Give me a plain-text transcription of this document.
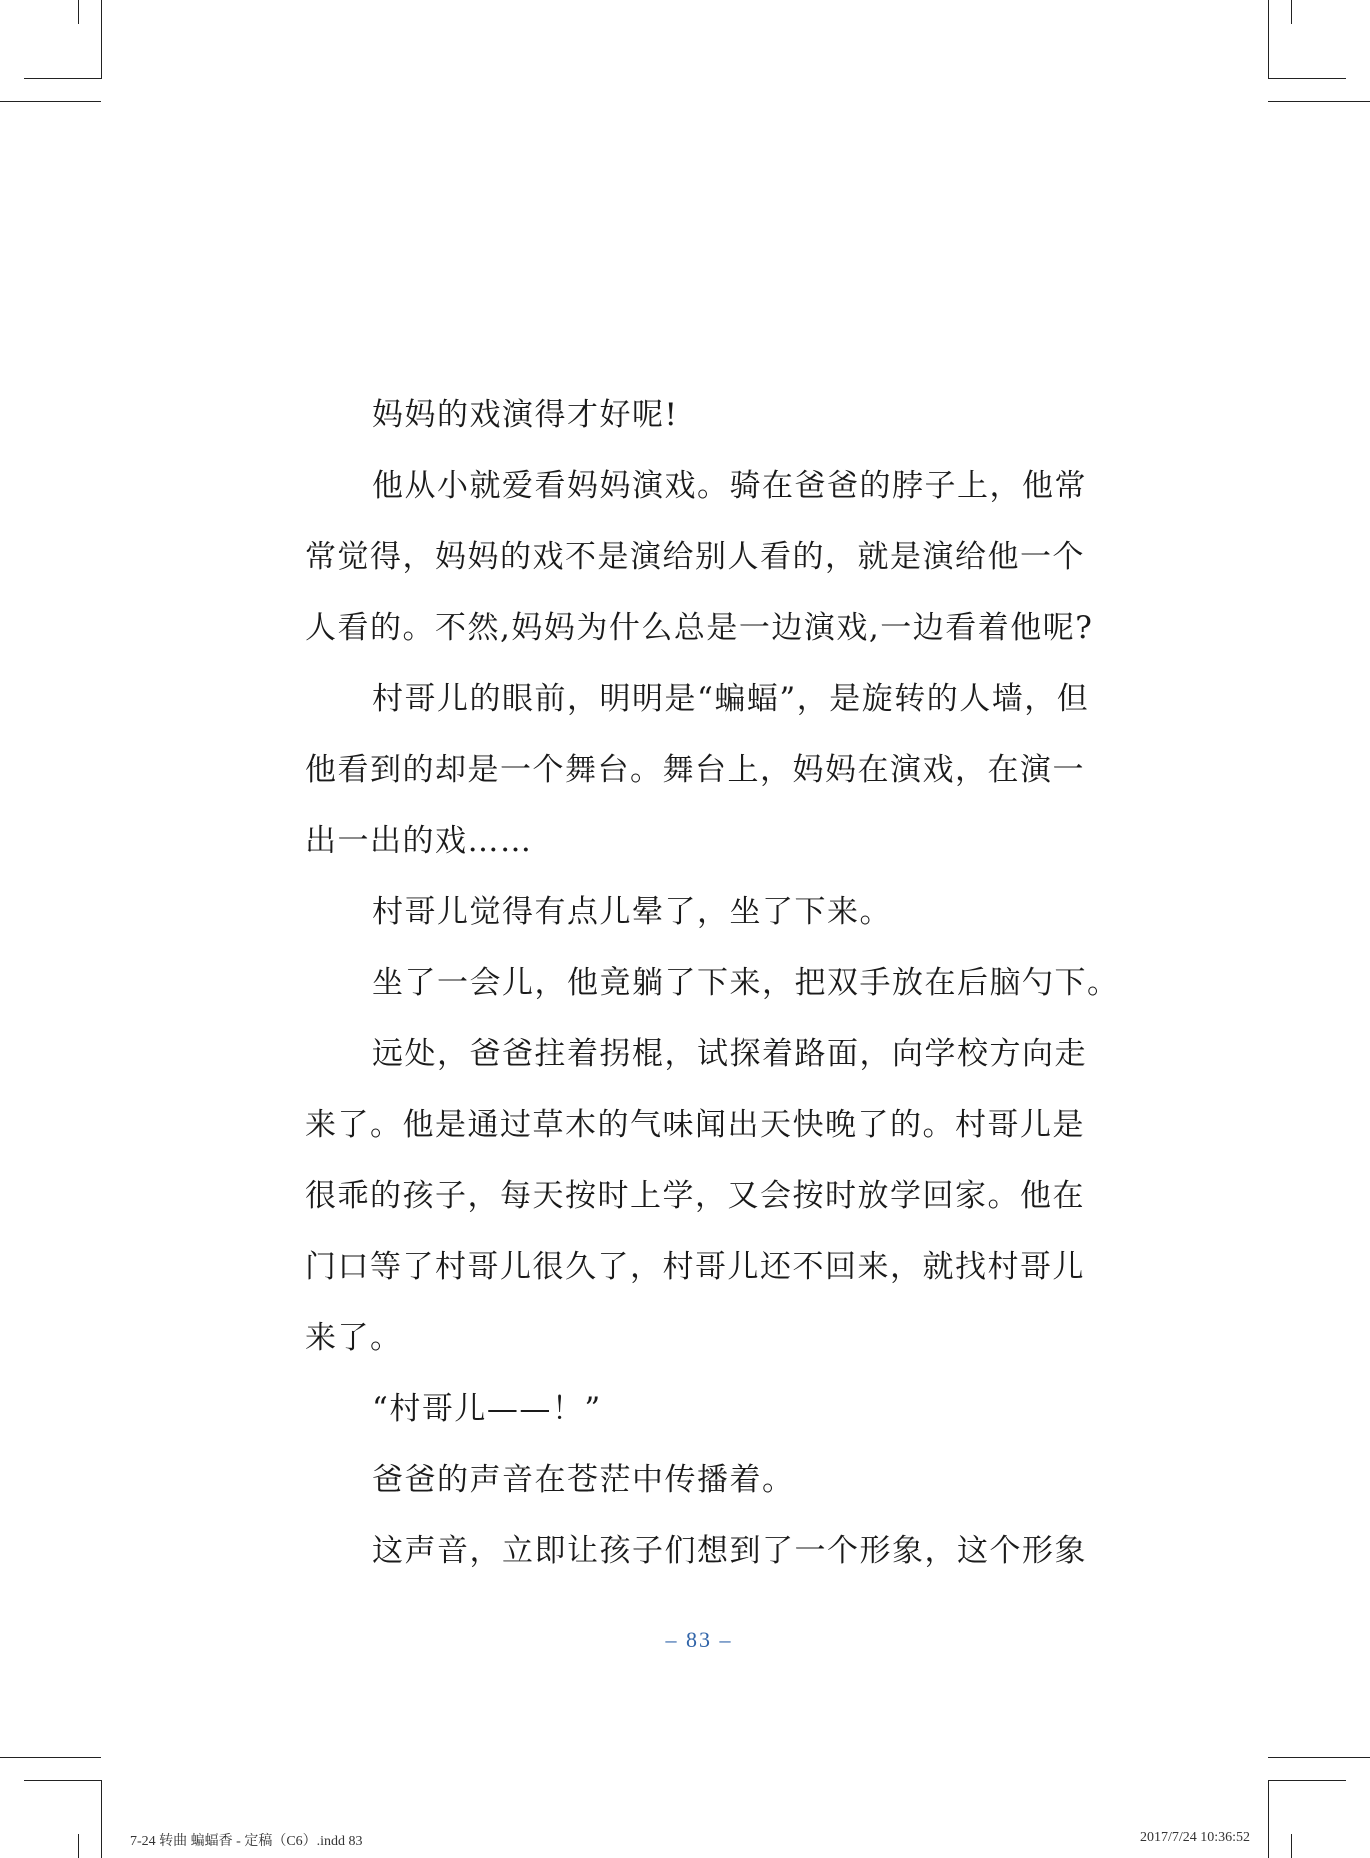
妈妈的戏演得才好呢!
他从小就爱看妈妈演戏。骑在爸爸的脖子上，他常
常觉得，妈妈的戏不是演给别人看的，就是演给他一个
人看的。不然,妈妈为什么总是一边演戏,一边看着他呢?
村哥儿的眼前，明明是“蝙蝠”，是旋转的人墙，但
他看到的却是一个舞台。舞台上，妈妈在演戏，在演一
出一出的戏……
村哥儿觉得有点儿晕了，坐了下来。
坐了一会儿，他竟躺了下来，把双手放在后脑勺下。
远处，爸爸拄着拐棍，试探着路面，向学校方向走
来了。他是通过草木的气味闻出天快晚了的。村哥儿是
很乖的孩子，每天按时上学，又会按时放学回家。他在
门口等了村哥儿很久了，村哥儿还不回来，就找村哥儿
来了。
“村哥儿——！”
爸爸的声音在苍茫中传播着。
这声音，立即让孩子们想到了一个形象，这个形象
– 83 –
7-24 转曲 蝙蝠香 - 定稿（C6）.indd 83	2017/7/24 10:36:52
